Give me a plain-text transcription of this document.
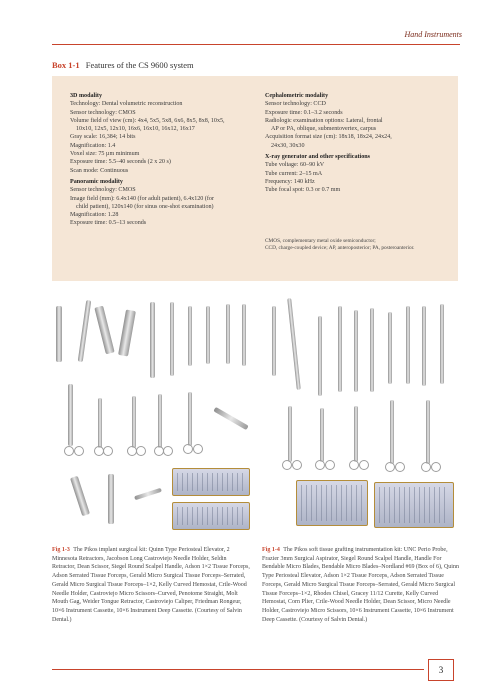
Hand Instruments
Box 1-1 Features of the CS 9600 system
3D modality
Technology: Dental volumetric reconstruction
Sensor technology: CMOS
Volume field of view (cm): 4x4, 5x5, 5x8, 6x6, 8x5, 8x8, 10x5,
10x10, 12x5, 12x10, 16x6, 16x10, 16x12, 16x17
Gray scale: 16,384; 14 bits
Magnification: 1.4
Voxel size: 75 µm minimum
Exposure time: 5.5–40 seconds (2 x 20 s)
Scan mode: Continuous
Panoramic modality
Sensor technology: CMOS
Image field (mm): 6.4x140 (for adult patient), 6.4x120 (for
child patient), 120x140 (for sinus one-shot examination)
Magnification: 1.28
Exposure time: 0.5–13 seconds
Cephalometric modality
Sensor technology: CCD
Exposure time: 0.1–3.2 seconds
Radiologic examination options: Lateral, frontal
AP or PA, oblique, submentovertex, carpus
Acquisition format size (cm): 18x18, 18x24, 24x24,
24x30, 30x30
X-ray generator and other specifications
Tube voltage: 60–90 kV
Tube current: 2–15 mA
Frequency: 140 kHz
Tube focal spot: 0.3 or 0.7 mm
CMOS, complementary metal oxide semiconductor;
CCD, charge-coupled device; AP, anteroposterior; PA, posteroanterior.
Fig 1-3 The Pikos implant surgical kit: Quinn Type Periosteal Elevator, 2 Minnesota Retractors, Jacobson Long Castroviejo Needle Holder, Seldin Retractor, Dean Scissor, Siegel Round Scalpel Handle, Adson 1×2 Tissue Forceps, Adson Serrated Tissue Forceps, Gerald Micro Surgical Tissue Forceps–Serrated, Gerald Micro Surgical Tissue Forceps–1×2, Kelly Curved Hemostat, Crile-Wood Needle Holder, Castroviejo Micro Scissors–Curved, Penotome Straight, Molt Mouth Gag, Weider Tongue Retractor, Castroviejo Caliper, Friedman Rongeur, 10×6 Instrument Cassette, 10×6 Instrument Deep Cassette. (Courtesy of Salvin Dental.)
Fig 1-4 The Pikos soft tissue grafting instrumentation kit: UNC Perio Probe, Frazier 3mm Surgical Aspirator, Siegel Round Scalpel Handle, Handle For Bendable Micro Blades, Bendable Micro Blades–Nordland #69 (Box of 6), Quinn Type Periosteal Elevator, Adson 1×2 Tissue Forceps, Adson Serrated Tissue Forceps, Gerald Micro Surgical Tissue Forceps–Serrated, Gerald Micro Surgical Tissue Forceps–1×2, Rhodes Chisel, Gracey 11/12 Curette, Kelly Curved Hemostat, Corn Plier, Crile-Wood Needle Holder, Dean Scissor, Micro Needle Holder, Castroviejo Micro Scissors, 10×6 Instrument Cassette, 10×6 Instrument Deep Cassette. (Courtesy of Salvin Dental.)
3
